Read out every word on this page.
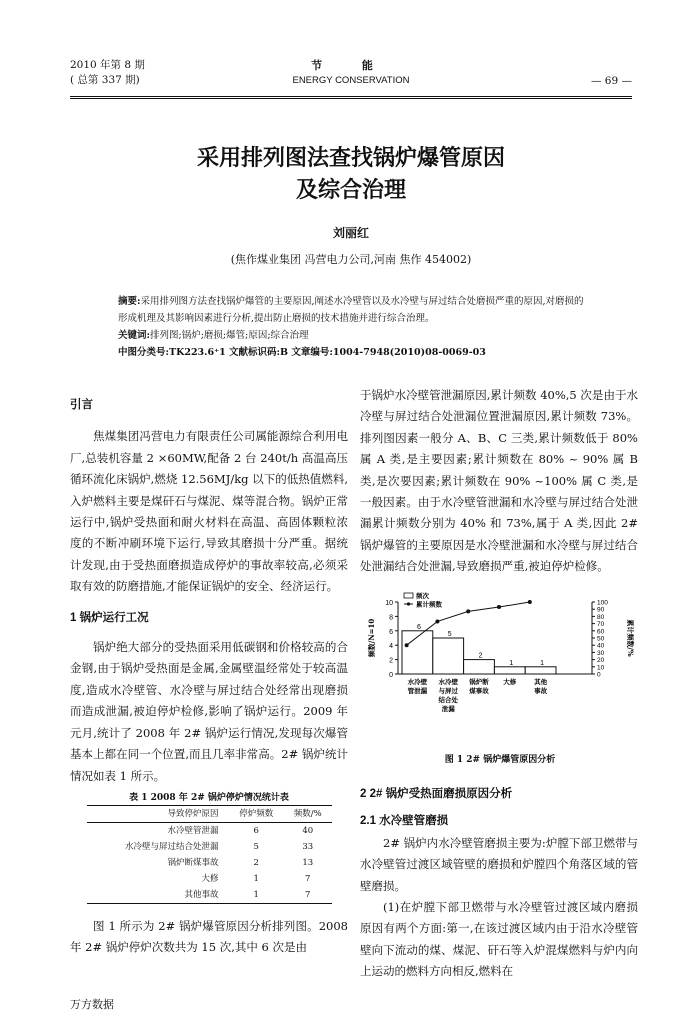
2010 年第 8 期
( 总第 337 期)
节 能
ENERGY CONSERVATION	— 69 —
采用排列图法查找锅炉爆管原因
及综合治理
刘丽红
(焦作煤业集团 冯营电力公司,河南 焦作 454002)
摘要:采用排列图方法查找锅炉爆管的主要原因,阐述水冷壁管以及水冷壁与屏过结合处磨损严重的原因,对磨损的形成机理及其影响因素进行分析,提出防止磨损的技术措施并进行综合治理。
关键词:排列图;锅炉;磨损;爆管;原因;综合治理
中图分类号:TK223.6⁺1 文献标识码:B 文章编号:1004-7948(2010)08-0069-03

引言

焦煤集团冯营电力有限责任公司属能源综合利用电厂,总装机容量 2 ×60MW,配备 2 台 240t/h 高温高压循环流化床锅炉,燃烧 12.56MJ/kg 以下的低热值燃料,入炉燃料主要是煤矸石与煤泥、煤等混合物。锅炉正常运行中,锅炉受热面和耐火材料在高温、高固体颗粒浓度的不断冲刷环境下运行,导致其磨损十分严重。据统计发现,由于受热面磨损造成停炉的事故率较高,必须采取有效的防磨措施,才能保证锅炉的安全、经济运行。

1 锅炉运行工况

锅炉绝大部分的受热面采用低碳钢和价格较高的合金钢,由于锅炉受热面是金属,金属壁温经常处于较高温度,造成水冷壁管、水冷壁与屏过结合处经常出现磨损而造成泄漏,被迫停炉检修,影响了锅炉运行。2009 年元月,统计了 2008 年 2# 锅炉运行情况,发现每次爆管基本上都在同一个位置,而且几率非常高。2# 锅炉统计情况如表 1 所示。

表 1 2008 年 2# 锅炉停炉情况统计表
导致停炉原因	停炉频数	频数/%
水冷壁管泄漏	6	40
水冷壁与屏过结合处泄漏	5	33
锅炉断煤事故	2	13
大修	1	7
其他事故	1	7

图 1 所示为 2# 锅炉爆管原因分析排列图。2008 年 2# 锅炉停炉次数共为 15 次,其中 6 次是由

于锅炉水冷壁管泄漏原因,累计频数 40%,5 次是由于水冷壁与屏过结合处泄漏位置泄漏原因,累计频数 73%。排列图因素一般分 A、B、C 三类,累计频数低于 80% 属 A 类,是主要因素;累计频数在 80% ~ 90% 属 B 类,是次要因素;累计频数在 90% ~100% 属 C 类,是一般因素。由于水冷壁管泄漏和水冷壁与屏过结合处泄漏累计频数分别为 40% 和 73%,属于 A 类,因此 2# 锅炉爆管的主要原因是水冷壁泄漏和水冷壁与屏过结合处泄漏结合处泄漏,导致磨损严重,被迫停炉检修。

0
2
4
6
8
10
0
10
20
30
40
50
60
70
80
90
100
频数/N=10	累计频数/%
6
水冷壁
管泄漏
5
水冷壁
与屏过
结合处
泄漏
2
锅炉断
煤事故
1
大修
1
其他
事故
频次
累计频数
图 1 2# 锅炉爆管原因分析

2 2# 锅炉受热面磨损原因分析

2.1 水冷壁管磨损

2# 锅炉内水冷壁管磨损主要为:炉膛下部卫燃带与水冷壁管过渡区域管壁的磨损和炉膛四个角落区域的管壁磨损。

(1)在炉膛下部卫燃带与水冷壁管过渡区域内磨损原因有两个方面:第一,在该过渡区域内由于沿水冷壁管壁向下流动的煤、煤泥、矸石等入炉混煤燃料与炉内向上运动的燃料方向相反,燃料在

万方数据
